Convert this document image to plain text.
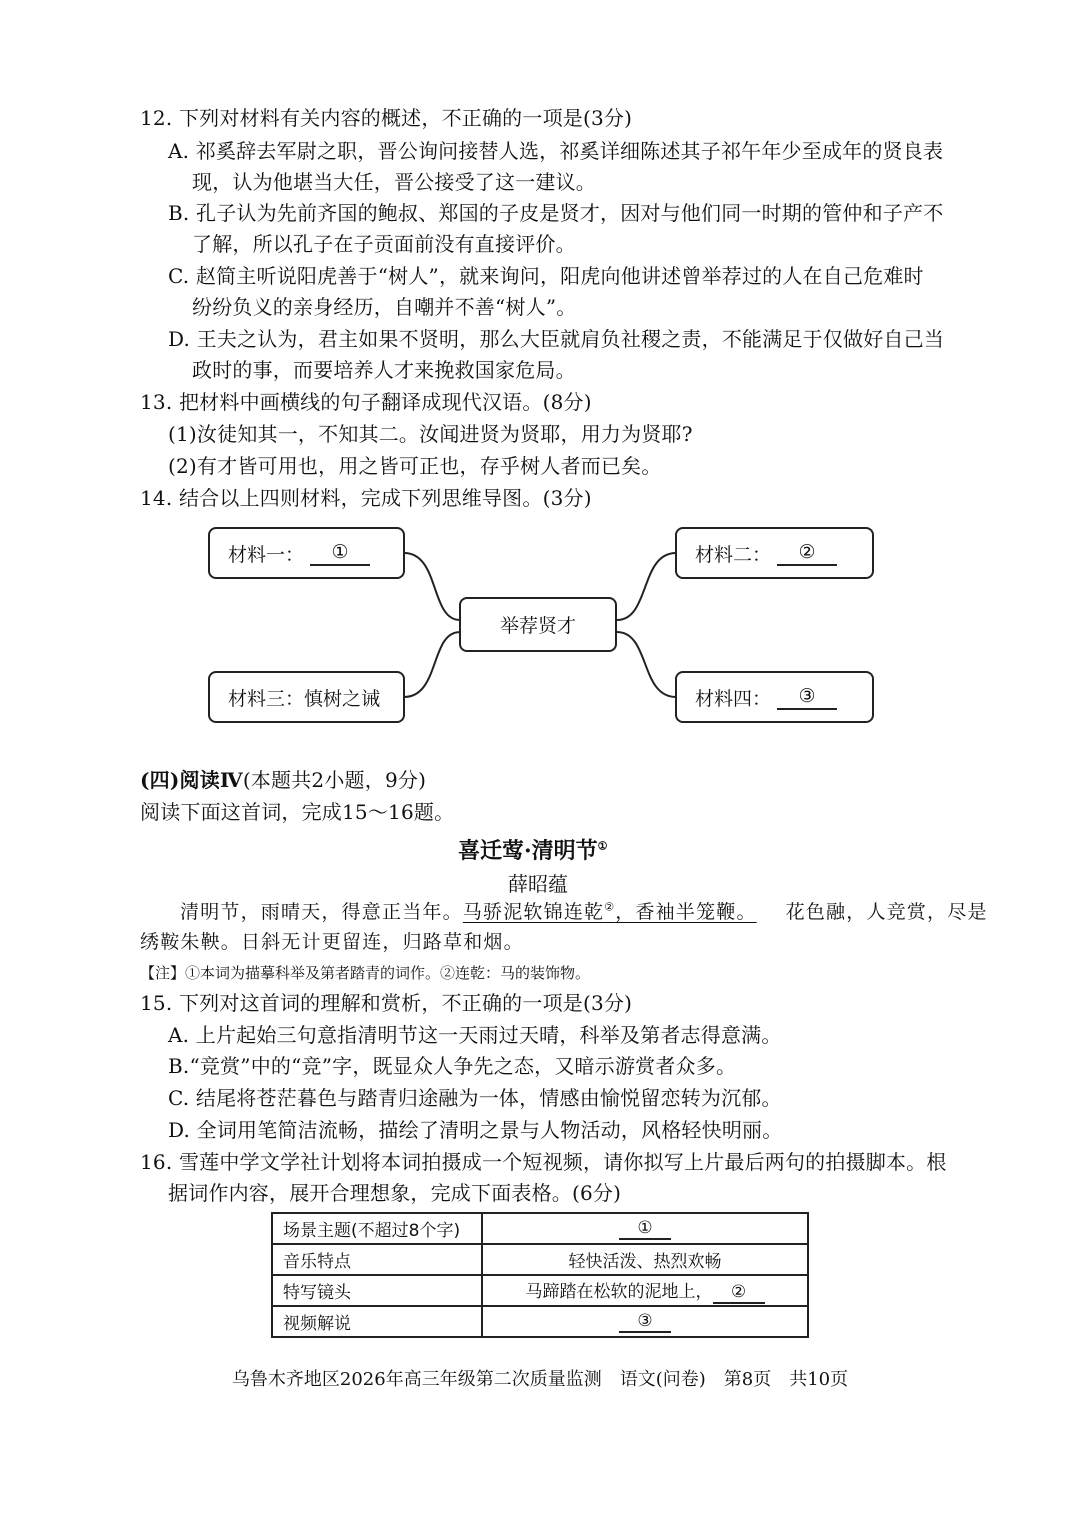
12. 下列对材料有关内容的概述，不正确的一项是(3分)
A. 祁奚辞去军尉之职，晋公询问接替人选，祁奚详细陈述其子祁午年少至成年的贤良表
现，认为他堪当大任，晋公接受了这一建议。
B. 孔子认为先前齐国的鲍叔、郑国的子皮是贤才，因对与他们同一时期的管仲和子产不
了解，所以孔子在子贡面前没有直接评价。
C. 赵简主听说阳虎善于“树人”，就来询问，阳虎向他讲述曾举荐过的人在自己危难时
纷纷负义的亲身经历，自嘲并不善“树人”。
D. 王夫之认为，君主如果不贤明，那么大臣就肩负社稷之责，不能满足于仅做好自己当
政时的事，而要培养人才来挽救国家危局。
13. 把材料中画横线的句子翻译成现代汉语。(8分)
(1)汝徒知其一，不知其二。汝闻进贤为贤耶，用力为贤耶?
(2)有才皆可用也，用之皆可正也，存乎树人者而已矣。
14. 结合以上四则材料，完成下列思维导图。(3分)
材料一：	①	材料二：	②
举荐贤才
材料三：慎树之诫	材料四：	③
(四)阅读Ⅳ(本题共2小题，9分)
阅读下面这首词，完成15～16题。
喜迁莺·清明节①
薛昭蕴
清明节，雨晴天，得意正当年。马骄泥软锦连乾②，香袖半笼鞭。 花色融，人竞赏，尽是
绣鞍朱鞅。日斜无计更留连，归路草和烟。
【注】①本词为描摹科举及第者踏青的词作。②连乾：马的装饰物。
15. 下列对这首词的理解和赏析，不正确的一项是(3分)
A. 上片起始三句意指清明节这一天雨过天晴，科举及第者志得意满。
B.“竞赏”中的“竞”字，既显众人争先之态，又暗示游赏者众多。
C. 结尾将苍茫暮色与踏青归途融为一体，情感由愉悦留恋转为沉郁。
D. 全词用笔简洁流畅，描绘了清明之景与人物活动，风格轻快明丽。
16. 雪莲中学文学社计划将本词拍摄成一个短视频，请你拟写上片最后两句的拍摄脚本。根
据词作内容，展开合理想象，完成下面表格。(6分)
场景主题(不超过8个字)	①
音乐特点	轻快活泼、热烈欢畅
特写镜头	马蹄踏在松软的泥地上， ②
视频解说	③
乌鲁木齐地区2026年高三年级第二次质量监测　语文(问卷)　第8页　共10页
